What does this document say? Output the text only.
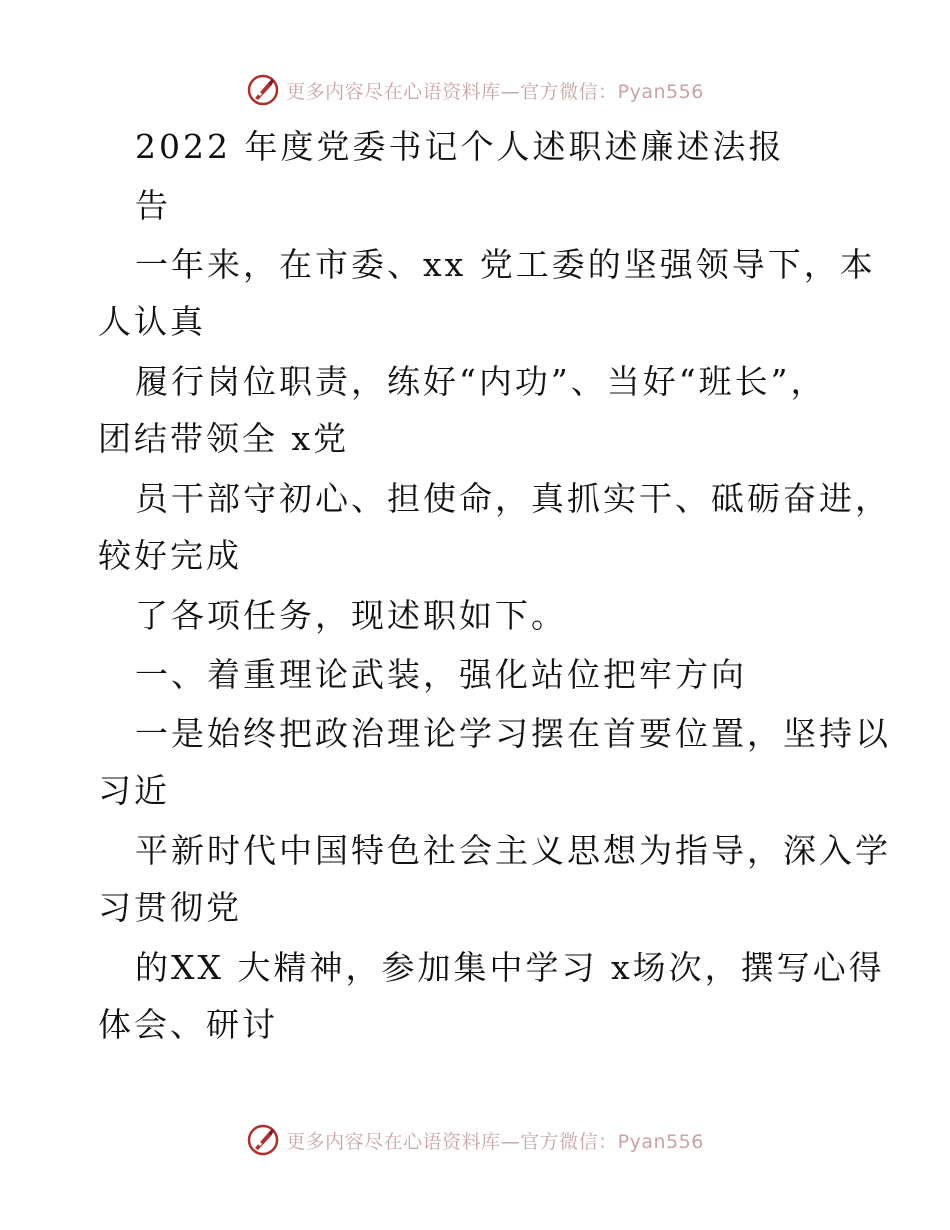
更多内容尽在心语资料库—官方微信：Pyan556
2022 年度党委书记个人述职述廉述法报
告
一年来，在市委、xx 党工委的坚强领导下，本
人认真
履行岗位职责，练好“内功”、当好“班长”，
团结带领全 x党
员干部守初心、担使命，真抓实干、砥砺奋进，
较好完成
了各项任务，现述职如下。
一、着重理论武装，强化站位把牢方向
一是始终把政治理论学习摆在首要位置，坚持以
习近
平新时代中国特色社会主义思想为指导，深入学
习贯彻党
的XX 大精神，参加集中学习 x场次，撰写心得
体会、研讨
更多内容尽在心语资料库—官方微信：Pyan556
